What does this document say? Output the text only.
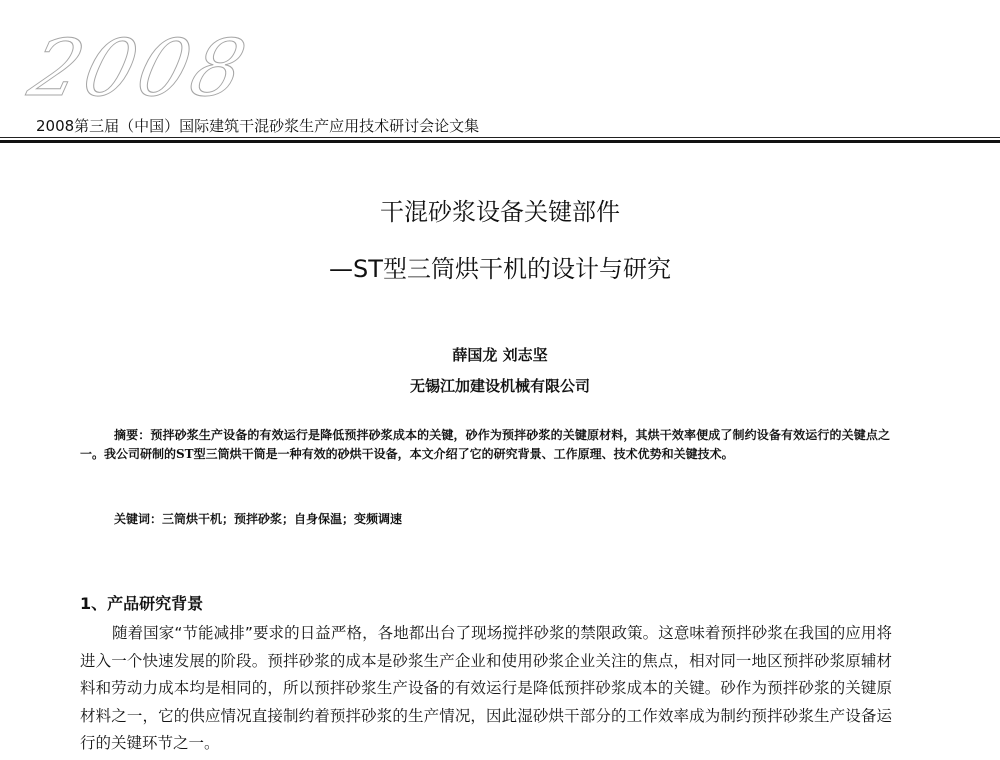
2008
2008第三届（中国）国际建筑干混砂浆生产应用技术研讨会论文集
干混砂浆设备关键部件
—ST型三筒烘干机的设计与研究
薛国龙 刘志坚
无锡江加建设机械有限公司
摘要：预拌砂浆生产设备的有效运行是降低预拌砂浆成本的关键，砂作为预拌砂浆的关键原材料，其烘干效率便成了制约设备有效运行的关键点之一。我公司研制的ST型三筒烘干筒是一种有效的砂烘干设备，本文介绍了它的研究背景、工作原理、技术优势和关键技术。
关键词：三筒烘干机；预拌砂浆；自身保温；变频调速
1、产品研究背景
随着国家“节能减排”要求的日益严格，各地都出台了现场搅拌砂浆的禁限政策。这意味着预拌砂浆在我国的应用将进入一个快速发展的阶段。预拌砂浆的成本是砂浆生产企业和使用砂浆企业关注的焦点，相对同一地区预拌砂浆原辅材料和劳动力成本均是相同的，所以预拌砂浆生产设备的有效运行是降低预拌砂浆成本的关键。砂作为预拌砂浆的关键原材料之一，它的供应情况直接制约着预拌砂浆的生产情况，因此湿砂烘干部分的工作效率成为制约预拌砂浆生产设备运行的关键环节之一。
